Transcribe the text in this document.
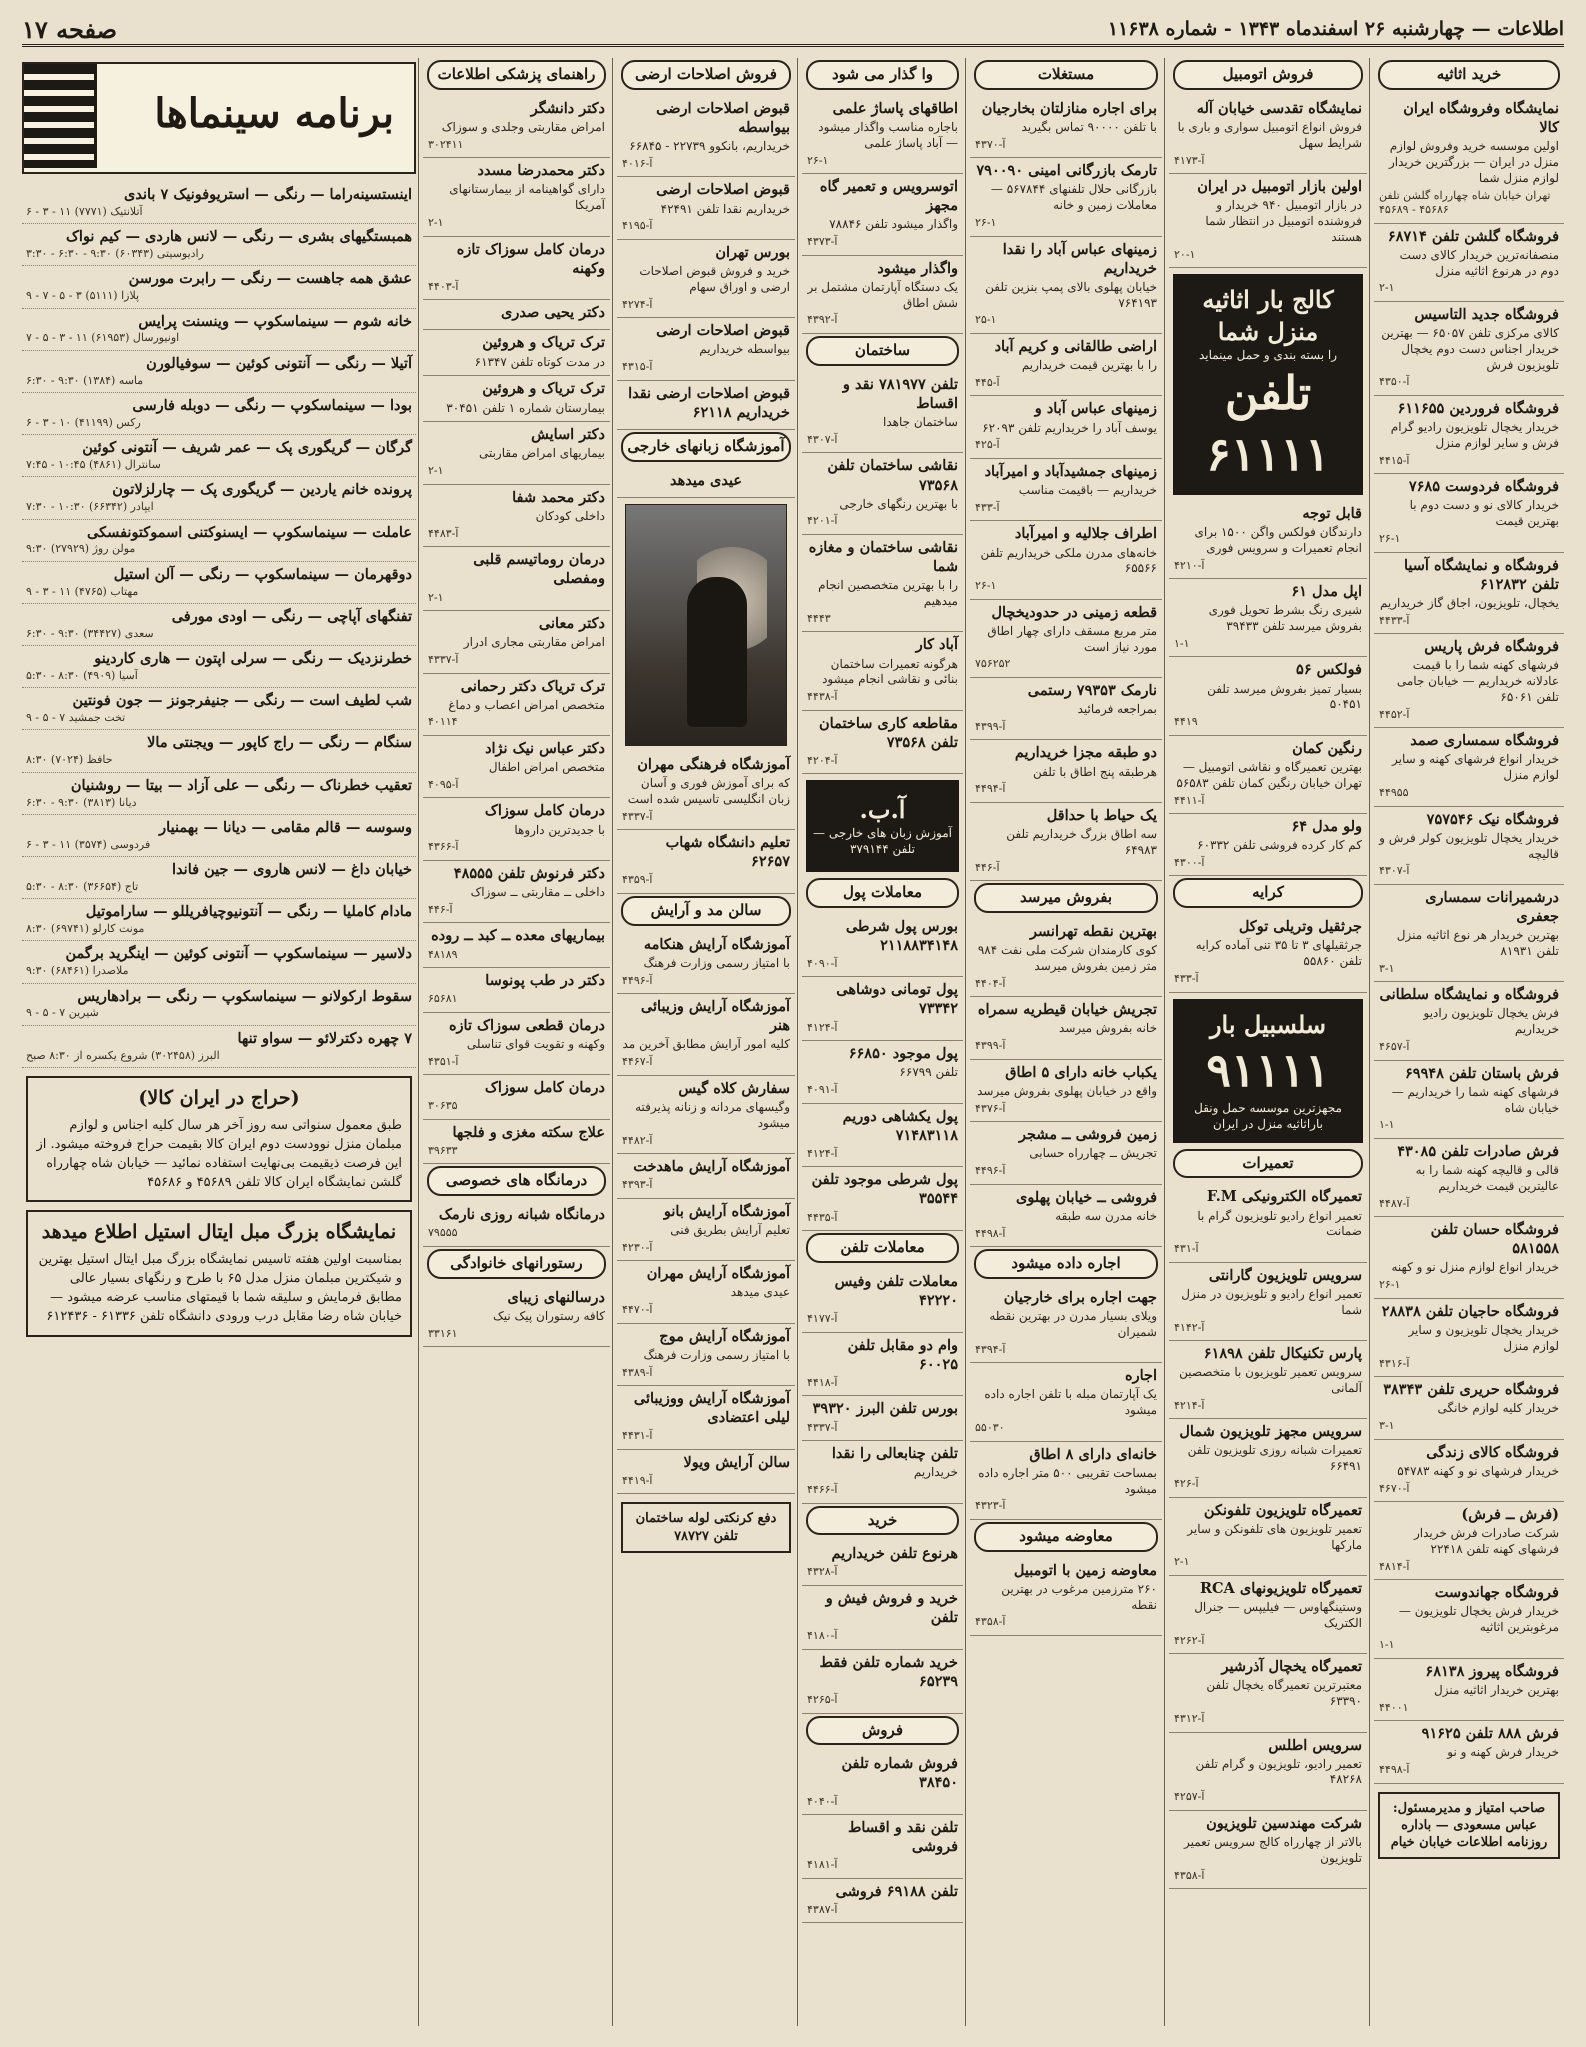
اطلاعات — چهارشنبه ۲۶ اسفندماه ۱۳۴۳ - شماره ۱۱۶۳۸
صفحه ۱۷
خرید اثاثیه
نمایشگاه وفروشگاه ایران کالا
اولین موسسه خرید وفروش لوازم منزل در ایران — بزرگترین خریدار لوازم منزل شما
تهران خیابان شاه چهارراه گلشن تلفن ۴۵۶۸۶ - ۴۵۶۸۹
فروشگاه گلشن تلفن ۶۸۷۱۴
منصفانه‌ترین خریدار کالای دست دوم در هرنوع اثاثیه منزل
۲-۱
فروشگاه جدید التاسیس
کالای مرکزی تلفن ۶۵۰۵۷ — بهترین خریدار اجناس دست دوم یخچال تلویزیون فرش
۴۳۵۰-آ
فروشگاه فروردین ۶۱۱۶۵۵
خریدار یخچال تلویزیون رادیو گرام فرش و سایر لوازم منزل
۴۴۱۵-آ
فروشگاه فردوست ۷۶۸۵
خریدار کالای نو و دست دوم با بهترین قیمت
۲۶-۱
فروشگاه و نمایشگاه آسیا تلفن ۶۱۲۸۳۲
یخچال، تلویزیون، اجاق گاز خریداریم
۴۴۳۳-آ
فروشگاه فرش پاریس
فرشهای کهنه شما را با قیمت عادلانه خریداریم — خیابان جامی تلفن ۶۵۰۶۱
۴۴۵۲-آ
فروشگاه سمساری صمد
خریدار انواع فرشهای کهنه و سایر لوازم منزل
۴۴۹۵۵
فروشگاه نیک ۷۵۷۵۴۶
خریدار یخچال تلویزیون کولر فرش و قالیچه
۴۳۰۷-آ
درشمیرانات سمساری جعفری
بهترین خریدار هر نوع اثاثیه منزل تلفن ۸۱۹۳۱
۳-۱
فروشگاه و نمایشگاه سلطانی
فرش یخچال تلویزیون رادیو خریداریم
۴۶۵۷-آ
فرش باستان تلفن ۶۹۹۴۸
فرشهای کهنه شما را خریداریم — خیابان شاه
۱-۱
فرش صادرات تلفن ۴۳۰۸۵
قالی و قالیچه کهنه شما را به عالیترین قیمت خریداریم
۴۴۸۷-آ
فروشگاه حسان تلفن ۵۸۱۵۵۸
خریدار انواع لوازم منزل نو و کهنه
۲۶-۱
فروشگاه حاجیان تلفن ۲۸۸۳۸
خریدار یخچال تلویزیون و سایر لوازم منزل
۴۳۱۶-آ
فروشگاه حریری تلفن ۳۸۳۴۳
خریدار کلیه لوازم خانگی
۳-۱
فروشگاه کالای زندگی
خریدار فرشهای نو و کهنه ۵۴۷۸۳
۴۶۷۰-آ
(فرش ــ فرش)
شرکت صادرات فرش خریدار فرشهای کهنه تلفن ۲۲۴۱۸
۴۸۱۴-آ
فروشگاه جهاندوست
خریدار فرش یخچال تلویزیون — مرغوبترین اثاثیه
۱-۱
فروشگاه پیروز ۶۸۱۳۸
بهترین خریدار اثاثیه منزل
۴۴۰۰۱
فرش ۸۸۸ تلفن ۹۱۶۲۵
خریدار فرش کهنه و نو
۴۴۹۸-آ
صاحب امتیاز و مدیرمسئول: عباس مسعودی — باداره روزنامه اطلاعات خیابان خیام
فروش اتومبیل
نمایشگاه تقدسی خیابان آله
فروش انواع اتومبیل سواری و باری با شرایط سهل
۴۱۷۳-آ
اولین بازار اتومبیل در ایران
در بازار اتومبیل ۹۴۰ خریدار و فروشنده اتومبیل در انتظار شما هستند
۲۰-۱
کالج بار اثاثیه منزل شما
را بسته بندی و حمل مینماید
تلفن ۶۱۱۱۱
قابل توجه
دارندگان فولکس واگن ۱۵۰۰ برای انجام تعمیرات و سرویس فوری
۴۲۱۰-آ
اپل مدل ۶۱
شیری رنگ بشرط تحویل فوری بفروش میرسد تلفن ۳۹۴۳۳
۱-۱
فولکس ۵۶
بسیار تمیز بفروش میرسد تلفن ۵۰۴۵۱
۴۴۱۹
رنگین کمان
بهترین تعمیرگاه و نقاشی اتومبیل — تهران خیابان رنگین کمان تلفن ۵۶۵۸۳
۴۴۱۱-آ
ولو مدل ۶۴
کم کار کرده فروشی تلفن ۶۰۳۳۲
۴۳۰۰-آ
کرایه
جرثقیل وتریلی توکل
جرثقیلهای ۳ تا ۳۵ تنی آماده کرایه تلفن ۵۵۸۶۰
۴۳۳-آ
سلسبیل بار
۹۱۱۱۱
مجهزترین موسسه حمل ونقل باراثاثیه منزل در ایران
تعمیرات
تعمیرگاه الکترونیکی F.M
تعمیر انواع رادیو تلویزیون گرام با ضمانت
۴۳۱-آ
سرویس تلویزیون گارانتی
تعمیر انواع رادیو و تلویزیون در منزل شما
۴۱۴۲-آ
پارس تکنیکال تلفن ۶۱۸۹۸
سرویس تعمیر تلویزیون با متخصصین آلمانی
۴۲۱۴-آ
سرویس مجهز تلویزیون شمال
تعمیرات شبانه روزی تلویزیون تلفن ۶۶۴۹۱
۴۲۶-آ
تعمیرگاه تلویزیون تلفونکن
تعمیر تلویزیون های تلفونکن و سایر مارکها
۲-۱
تعمیرگاه تلویزیونهای RCA
وستینگهاوس — فیلیپس — جنرال الکتریک
۴۲۶۲-آ
تعمیرگاه یخچال آذرشیر
معتبرترین تعمیرگاه یخچال تلفن ۶۳۳۹۰
۴۳۱۲-آ
سرویس اطلس
تعمیر رادیو، تلویزیون و گرام تلفن ۴۸۲۶۸
۴۲۵۷-آ
شرکت مهندسین تلویزیون
بالاتر از چهارراه کالج سرویس تعمیر تلویزیون
۴۳۵۸-آ
مستغلات
برای اجاره منازلتان بخارجیان
با تلفن ۹۰۰۰۰ تماس بگیرید
۴۳۷۰-آ
تارمک بازرگانی امینی ۷۹۰۰۹۰
بازرگانی حلال تلفنهای ۵۶۷۸۴۴ — معاملات زمین و خانه
۲۶-۱
زمینهای عباس آباد را نقدا خریداریم
خیابان پهلوی بالای پمپ بنزین تلفن ۷۶۴۱۹۳
۲۵-۱
اراضی طالقانی و کریم آباد
را با بهترین قیمت خریداریم
۴۴۵-آ
زمینهای عباس آباد و
یوسف آباد را خریداریم تلفن ۶۲۰۹۳
۴۲۵-آ
زمینهای جمشیدآباد و امیرآباد
خریداریم — باقیمت مناسب
۴۳۳-آ
اطراف جلالیه و امیرآباد
خانه‌های مدرن ملکی خریداریم تلفن ۶۵۵۶۶
۲۶-۱
قطعه زمینی در حدودیخچال
متر مربع مسقف دارای چهار اطاق مورد نیاز است
۷۵۶۲۵۲
نارمک ۷۹۳۵۳ رستمی
بمراجعه فرمائید
۴۳۹۹-آ
دو طبقه مجزا خریداریم
هرطبقه پنج اطاق با تلفن
۴۴۹۴-آ
یک حیاط با حداقل
سه اطاق بزرگ خریداریم تلفن ۶۴۹۸۳
۴۴۶-آ
بفروش میرسد
بهترین نقطه تهرانسر
کوی کارمندان شرکت ملی نفت ۹۸۴ متر زمین بفروش میرسد
۴۴۰۴-آ
تجریش خیابان قیطریه سمراه
خانه بفروش میرسد
۴۳۹۹-آ
یکباب خانه دارای ۵ اطاق
واقع در خیابان پهلوی بفروش میرسد
۴۳۷۶-آ
زمین فروشی ــ مشجر
تجریش ــ چهارراه حسابی
۴۴۹۶-آ
فروشی ــ خیابان پهلوی
خانه مدرن سه طبقه
۴۴۹۸-آ
اجاره داده میشود
جهت اجاره برای خارجیان
ویلای بسیار مدرن در بهترین نقطه شمیران
۴۳۹۴-آ
اجاره
یک آپارتمان مبله با تلفن اجاره داده میشود
۵۵۰۳۰
خانه‌ای دارای ۸ اطاق
بمساحت تقریبی ۵۰۰ متر اجاره داده میشود
۴۳۲۳-آ
معاوضه میشود
معاوضه زمین با اتومبیل
۲۶۰ مترزمین مرغوب در بهترین نقطه
۴۳۵۸-آ
وا گذار می شود
اطاقهای پاساژ علمی
باجاره مناسب واگذار میشود — آباد پاساژ علمی
۲۶-۱
اتوسرویس و تعمیر گاه مجهز
واگذار میشود تلفن ۷۸۸۴۶
۴۳۷۳-آ
واگذار میشود
یک دستگاه آپارتمان مشتمل بر شش اطاق
۴۳۹۲-آ
ساختمان
تلفن ۷۸۱۹۷۷ نقد و اقساط
ساختمان جاهدا
۴۳۰۷-آ
نقاشی ساختمان تلفن ۷۳۵۶۸
با بهترین رنگهای خارجی
۴۲۰۱-آ
نقاشی ساختمان و مغازه شما
را با بهترین متخصصین انجام میدهیم
۴۴۴۳
آباد کار
هرگونه تعمیرات ساختمان بنائی و نقاشی انجام میشود
۴۴۳۸-آ
مقاطعه کاری ساختمان تلفن ۷۳۵۶۸
۴۲۰۴-آ
آ.ب.
آموزش زبان های خارجی — تلفن ۳۷۹۱۴۴
معاملات پول
بورس پول شرطی ۲۱۱۸۸۳۴۱۴۸
۴۰۹۰-آ
پول تومانی دوشاهی ۷۳۳۴۲
۴۱۲۴-آ
پول موجود ۶۶۸۵۰
تلفن ۶۶۷۹۹
۴۰۹۱-آ
پول یکشاهی دوریم ۷۱۴۸۳۱۱۸
۴۱۲۴-آ
پول شرطی موجود تلفن ۳۵۵۴۴
۴۴۳۵-آ
معاملات تلفن
معاملات تلفن وفیس ۴۲۲۲۰
۴۱۷۷-آ
وام دو مقابل تلفن ۶۰۰۲۵
۴۴۱۸-آ
بورس تلفن البرز ۳۹۳۲۰
۴۳۳۷-آ
تلفن چنابعالی را نقدا
خریداریم
۴۴۶۶-آ
خرید
هرنوع تلفن خریداریم
۴۳۲۸-آ
خرید و فروش فیش و تلفن
۴۱۸۰-آ
خرید شماره تلفن فقط ۶۵۲۳۹
۴۲۶۵-آ
فروش
فروش شماره تلفن ۳۸۴۵۰
۴۰۴۰-آ
تلفن نقد و اقساط فروشی
۴۱۸۱-آ
تلفن ۶۹۱۸۸ فروشی
۴۳۸۷-آ
فروش اصلاحات ارضی
قبوض اصلاحات ارضی بیواسطه
خریداریم، بانکوو ۲۲۷۳۹ - ۶۶۸۴۵
۴۰۱۶-آ
قبوض اصلاحات ارضی
خریداریم نقدا تلفن ۴۲۴۹۱
۴۱۹۵-آ
بورس تهران
خرید و فروش قبوض اصلاحات ارضی و اوراق سهام
۴۲۷۴-آ
قبوض اصلاحات ارضی
بیواسطه خریداریم
۴۳۱۵-آ
قبوض اصلاحات ارضی نقدا خریداریم ۶۲۱۱۸
آموزشگاه زبانهای خارجی
عیدی میدهد
آموزشگاه فرهنگی مهران
که برای آموزش فوری و آسان زبان انگلیسی تاسیس شده است
۴۳۳۷-آ
تعلیم دانشگاه شهاب ۶۲۶۵۷
۴۳۵۹-آ
سالن مد و آرایش
آموزشگاه آرایش هنکامه
با امتیاز رسمی وزارت فرهنگ
۴۴۹۶-آ
آموزشگاه آرایش وزیبائی هنر
کلیه امور آرایش مطابق آخرین مد
۴۴۶۷-آ
سفارش کلاه گیس
وگیسهای مردانه و زنانه پذیرفته میشود
۴۴۸۲-آ
آموزشگاه آرایش ماهدخت
۴۳۹۳-آ
آموزشگاه آرایش بانو
تعلیم آرایش بطریق فنی
۴۲۳۰-آ
آموزشگاه آرایش مهران
عیدی میدهد
۴۴۷۰-آ
آموزشگاه آرایش موج
با امتیاز رسمی وزارت فرهنگ
۴۳۸۹-آ
آموزشگاه آرایش ووزیبائی لیلی اعتضادی
۴۴۳۱-آ
سالن آرایش ویولا
۴۴۱۹-آ
دفع کرنکتی لوله ساختمان تلفن ۷۸۷۲۷
راهنمای پزشکی اطلاعات
دکتر دانشگر
امراض مقاربتی وجلدی و سوزاک
۳۰۲۴۱۱
دکتر محمدرضا مسدد
دارای گواهینامه از بیمارستانهای آمریکا
۲-۱
درمان کامل سوزاک تازه وکهنه
۴۴۰۳-آ
دکتر یحیی صدری
ترک تریاک و هروئین
در مدت کوتاه تلفن ۶۱۳۴۷
ترک تریاک و هروئین
بیمارستان شماره ۱ تلفن ۳۰۴۵۱
دکتر اسایش
بیماریهای امراض مقاربتی
۲-۱
دکتر محمد شفا
داخلی کودکان
۴۴۸۳-آ
درمان روماتیسم قلبی ومفصلی
۲-۱
دکتر معانی
امراض مقاربتی مجاری ادرار
۴۳۳۷-آ
ترک تریاک دکتر رحمانی
متخصص امراض اعصاب و دماغ
۴۰۱۱۴
دکتر عباس نیک نژاد
متخصص امراض اطفال
۴۰۹۵-آ
درمان کامل سوزاک
با جدیدترین داروها
۴۳۶۶-آ
دکتر فرنوش تلفن ۴۸۵۵۵
داخلی ــ مقاربتی ــ سوزاک
۴۴۶-آ
بیماریهای معده ــ کبد ــ روده
۴۸۱۸۹
دکتر در طب پونوسا
۶۵۶۸۱
درمان قطعی سوزاک تازه
وکهنه و تقویت قوای تناسلی
۴۳۵۱-آ
درمان کامل سوزاک
۳۰۶۳۵
علاج سکته مغزی و فلجها
۳۹۶۳۳
درمانگاه های خصوصی
درمانگاه شبانه روزی نارمک
۷۹۵۵۵
رستورانهای خانوادگی
درسالنهای زیبای
کافه رستوران پیک نیک
۳۳۱۶۱
برنامه سینماها
اینستسینه‌راما — رنگی — استریوفونیک ۷ باندی
آتلانتیک (۷۷۷۱) ۱۱ - ۳ - ۶
همبستگیهای بشری — رنگی — لانس هاردی — کیم نواک
رادیوسیتی (۶۰۳۴۳) ۹:۳۰ - ۶:۳۰ - ۳:۳۰
عشق همه جاهست — رنگی — رابرت مورسن
پلازا (۵۱۱۱) ۳ - ۵ - ۷ - ۹
خانه شوم — سینماسکوپ — وینسنت پرایس
اونیورسال (۶۱۹۵۳) ۱۱ - ۳ - ۵ - ۷
آتیلا — رنگی — آنتونی کوئین — سوفیالورن
ماسه (۱۳۸۴) ۹:۳۰ - ۶:۳۰
بودا — سینماسکوپ — رنگی — دوبله فارسی
رکس (۴۱۱۹۹) ۱۰ - ۳ - ۶
گرگان — گریگوری پک — عمر شریف — آنتونی کوئین
سانترال (۴۸۶۱) ۱۰:۴۵ - ۷:۴۵
پرونده خانم یاردین — گریگوری پک — چارلزلاتون
ایپادر (۶۶۳۴۲) ۱۰:۳۰ - ۷:۳۰
عاملت — سینماسکوپ — ایسنوکتنی اسموکتونفسکی
مولن روژ (۲۷۹۲۹) ۹:۳۰
دوقهرمان — سینماسکوپ — رنگی — آلن استیل
مهتاب (۴۷۶۵) ۱۱ - ۳ - ۹
تفنگهای آپاچی — رنگی — اودی مورفی
سعدی (۳۴۴۲۷) ۹:۳۰ - ۶:۳۰
خطرنزدیک — رنگی — سرلی اپتون — هاری کاردینو
آسیا (۴۹۰۹) ۸:۳۰ - ۵:۳۰
شب لطیف است — رنگی — جنیفرجونز — جون فونتین
تخت جمشید ۷ - ۵ - ۹
سنگام — رنگی — راج کاپور — ویجنتی مالا
حافظ (۷۰۲۴) ۸:۳۰
تعقیب خطرناک — رنگی — علی آزاد — بیتا — روشنیان
دیانا (۳۸۱۳) ۹:۳۰ - ۶:۳۰
وسوسه — قالم مقامی — دیانا — بهمنیار
فردوسی (۳۵۷۴) ۱۱ - ۳ - ۶
خیابان داغ — لانس هاروی — جین فاندا
تاج (۳۶۶۵۴) ۸:۳۰ - ۵:۳۰
مادام کاملیا — رنگی — آنتونیوچیافریللو — ساراموتیل
مونت کارلو (۶۹۷۴۱) ۸:۳۰
دلاسیر — سینماسکوپ — آنتونی کوئین — اینگرید برگمن
ملاصدرا (۶۸۴۶۱) ۹:۳۰
سقوط ارکولانو — سینماسکوپ — رنگی — برادهاریس
شیرین ۷ - ۵ - ۹
۷ چهره دکترلائو — سواو تنها
البرز (۳۰۲۴۵۸) شروع یکسره از ۸:۳۰ صبح
(حراج در ایران کالا)
طبق معمول سنواتی سه روز آخر هر سال کلیه اجناس و لوازم مبلمان منزل نوودست دوم ایران کالا بقیمت حراج فروخته میشود. از این فرصت ذیقیمت بی‌نهایت استفاده نمائید — خیابان شاه چهارراه گلشن نمایشگاه ایران کالا تلفن ۴۵۶۸۹ و ۴۵۶۸۶
نمایشگاه بزرگ مبل ایتال استیل اطلاع میدهد
بمناسبت اولین هفته تاسیس نمایشگاه بزرگ مبل ایتال استیل بهترین و شیکترین مبلمان منزل مدل ۶۵ با طرح و رنگهای بسیار عالی مطابق فرمایش و سلیقه شما با قیمتهای مناسب عرضه میشود — خیابان شاه رضا مقابل درب ورودی دانشگاه تلفن ۶۱۳۳۶ - ۶۱۲۴۳۶
